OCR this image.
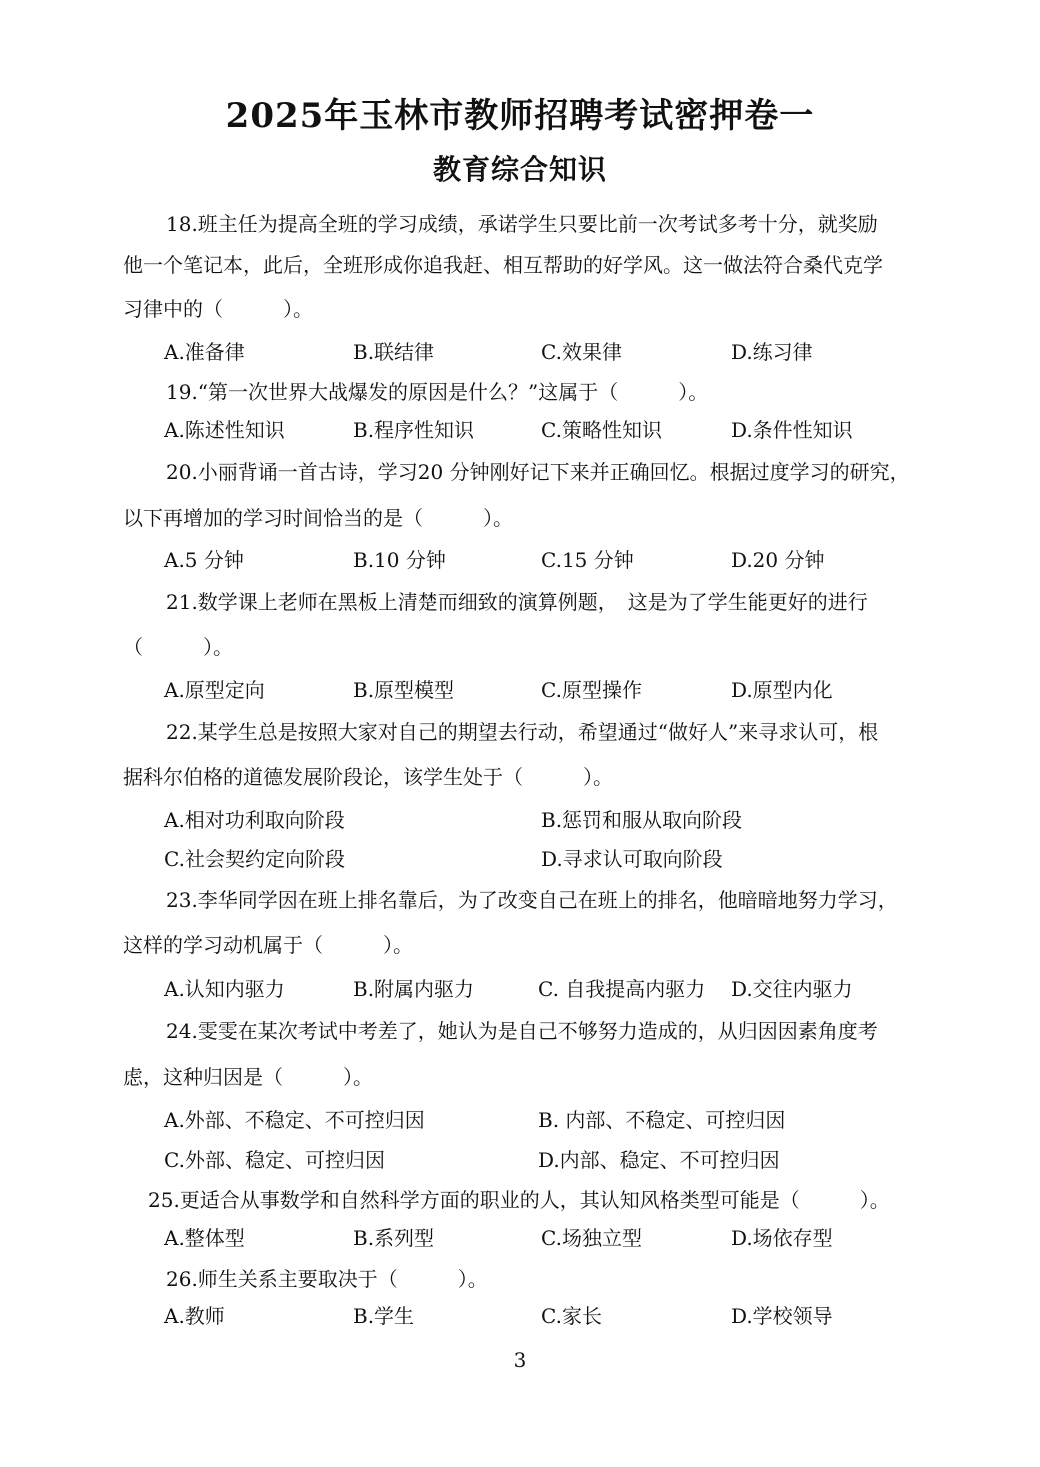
2025年玉林市教师招聘考试密押卷一
教育综合知识
18.班主任为提高全班的学习成绩，承诺学生只要比前一次考试多考十分，就奖励
他一个笔记本，此后，全班形成你追我赶、相互帮助的好学风。这一做法符合桑代克学
习律中的（　　　）。
A.准备律	B.联结律	C.效果律	D.练习律
19.“第一次世界大战爆发的原因是什么？”这属于（　　　）。
A.陈述性知识	B.程序性知识	C.策略性知识	D.条件性知识
20.小丽背诵一首古诗，学习20 分钟刚好记下来并正确回忆。根据过度学习的研究，
以下再增加的学习时间恰当的是（　　　）。
A.5 分钟	B.10 分钟	C.15 分钟	D.20 分钟
21.数学课上老师在黑板上清楚而细致的演算例题，　这是为了学生能更好的进行
（　　　）。
A.原型定向	B.原型模型	C.原型操作	D.原型内化
22.某学生总是按照大家对自己的期望去行动，希望通过“做好人”来寻求认可，根
据科尔伯格的道德发展阶段论，该学生处于（　　　）。
A.相对功利取向阶段	B.惩罚和服从取向阶段
C.社会契约定向阶段	D.寻求认可取向阶段
23.李华同学因在班上排名靠后，为了改变自己在班上的排名，他暗暗地努力学习，
这样的学习动机属于（　　　）。
A.认知内驱力	B.附属内驱力	C. 自我提高内驱力 D.交往内驱力
24.雯雯在某次考试中考差了，她认为是自己不够努力造成的，从归因因素角度考
虑，这种归因是（　　　）。
A.外部、不稳定、不可控归因	B. 内部、不稳定、可控归因
C.外部、稳定、可控归因	D.内部、稳定、不可控归因
25.更适合从事数学和自然科学方面的职业的人，其认知风格类型可能是（　　　）。
A.整体型	B.系列型	C.场独立型	D.场依存型
26.师生关系主要取决于（　　　）。
A.教师	B.学生	C.家长	D.学校领导
3
